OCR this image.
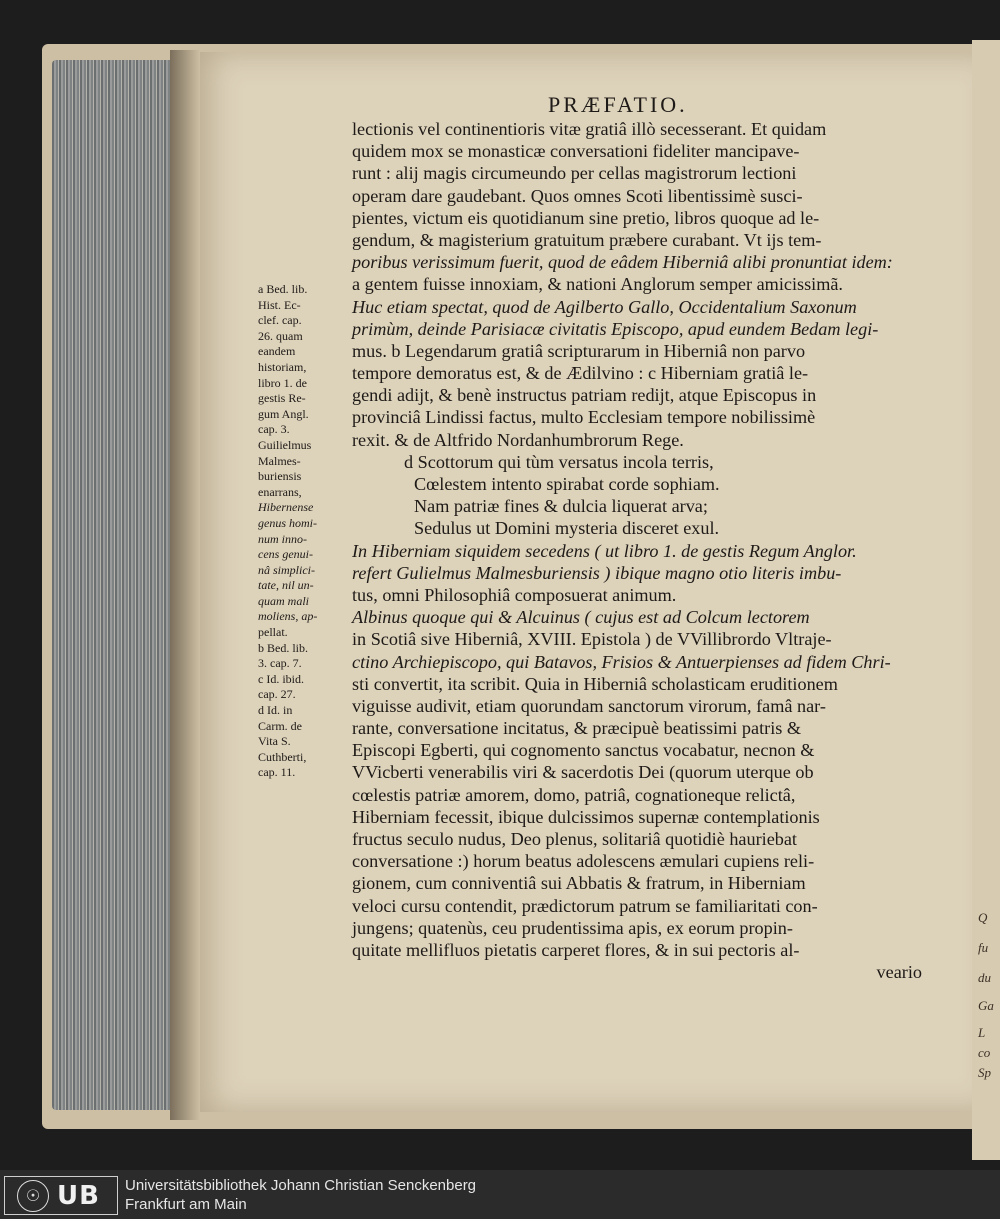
Q
fu
du
Ga
L
co
Sp
PRÆFATIO.
lectionis vel continentioris vitæ gratiâ illò secesserant. Et quidam
quidem mox se monasticæ conversationi fideliter mancipave-
runt : alij magis circumeundo per cellas magistrorum lectioni
operam dare gaudebant. Quos omnes Scoti libentissimè susci-
pientes, victum eis quotidianum sine pretio, libros quoque ad le-
gendum, & magisterium gratuitum præbere curabant. Vt ijs tem-
poribus verissimum fuerit, quod de eâdem Hiberniâ alibi pronuntiat idem:
a gentem fuisse innoxiam, & nationi Anglorum semper amicissimã.
Huc etiam spectat, quod de Agilberto Gallo, Occidentalium Saxonum
primùm, deinde Parisiacæ civitatis Episcopo, apud eundem Bedam legi-
mus. b Legendarum gratiâ scripturarum in Hiberniâ non parvo
tempore demoratus est, & de Ædilvino : c Hiberniam gratiâ le-
gendi adijt, & benè instructus patriam redijt, atque Episcopus in
provinciâ Lindissi factus, multo Ecclesiam tempore nobilissimè
rexit. & de Altfrido Nordanhumbrorum Rege.
d Scottorum qui tùm versatus incola terris,
Cœlestem intento spirabat corde sophiam.
Nam patriæ fines & dulcia liquerat arva;
Sedulus ut Domini mysteria disceret exul.
In Hiberniam siquidem secedens ( ut libro 1. de gestis Regum Anglor.
refert Gulielmus Malmesburiensis ) ibique magno otio literis imbu-
tus, omni Philosophiâ composuerat animum.
Albinus quoque qui & Alcuinus ( cujus est ad Colcum lectorem
in Scotiâ sive Hiberniâ, XVIII. Epistola ) de VVillibrordo Vltraje-
ctino Archiepiscopo, qui Batavos, Frisios & Antuerpienses ad fidem Chri-
sti convertit, ita scribit. Quia in Hiberniâ scholasticam eruditionem
viguisse audivit, etiam quorundam sanctorum virorum, famâ nar-
rante, conversatione incitatus, & præcipuè beatissimi patris &
Episcopi Egberti, qui cognomento sanctus vocabatur, necnon &
VVicberti venerabilis viri & sacerdotis Dei (quorum uterque ob
cœlestis patriæ amorem, domo, patriâ, cognationeque relictâ,
Hiberniam fecessit, ibique dulcissimos supernæ contemplationis
fructus seculo nudus, Deo plenus, solitariâ quotidiè hauriebat
conversatione :) horum beatus adolescens æmulari cupiens reli-
gionem, cum conniventiâ sui Abbatis & fratrum, in Hiberniam
veloci cursu contendit, prædictorum patrum se familiaritati con-
jungens; quatenùs, ceu prudentissima apis, ex eorum propin-
quitate mellifluos pietatis carperet flores, & in sui pectoris al-
veario
a Bed. lib.
Hist. Ec-
clef. cap.
26. quam
eandem
historiam,
libro 1. de
gestis Re-
gum Angl.
cap. 3.
Guilielmus
Malmes-
buriensis
enarrans,
Hibernense
genus homi-
num inno-
cens genui-
nâ simplici-
tate, nil un-
quam mali
moliens, ap-
pellat.
b Bed. lib.
3. cap. 7.
c Id. ibid.
cap. 27.
d Id. in
Carm. de
Vita S.
Cuthberti,
cap. 11.
☉ UB Universitätsbibliothek Johann Christian Senckenberg
Frankfurt am Main
